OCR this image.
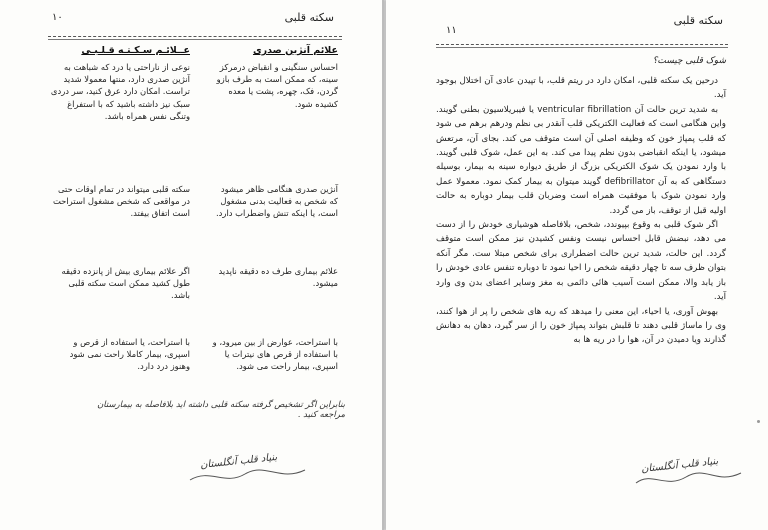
۱۰	سکته قلبی
عــلائـم سـکـتـه قـلـبـی	علائم آنژین صدری
نوعی از ناراحتی یا درد که شباهت به آنژین صدری دارد، منتها معمولا شدید تراست. امکان دارد عرق کنید، سر دردی سبک نیز داشته باشید که با استفراغ وتنگی نفس همراه باشد.
احساس سنگینی و انقباض درمرکز سینه، که ممکن است به طرف بازو گردن، فک، چهره، پشت یا معده کشیده شود.
سکته قلبی میتواند در تمام اوقات حتی در مواقعی که شخص مشغول استراحت است اتفاق بیفتد.
آنژین صدری هنگامی ظاهر میشود که شخص به فعالیت بدنی مشغول است، یا اینکه تنش واضطراب دارد.
اگر علائم بیماری بیش از پانزده دقیقه طول کشید ممکن است سکته قلبی باشد.
علائم بیماری طرف ده دقیقه ناپدید میشود.
با استراحت، یا استفاده از قرص و اسپری، بیمار کاملا راحت نمی شود وهنوز درد دارد.
با استراحت، عوارض از بین میرود، و با استفاده از قرص های نیترات یا اسپری، بیمار راحت می شود.
بنابراین اگر تشخیص گرفته سکته قلبی داشته اید بلافاصله به بیمارستان مراجعه کنید .
بنیاد قلب آنگلستان
۱۱
سکته قلبی
شوک قلبی چیست؟

درحین یک سکته قلبی، امکان دارد در ریتم قلب، با تپیدن عادی آن اختلال بوجود آید.

به شدید ترین حالت آن ventricular fibrillation یا فیبریلاسیون بطنی گویند. واین هنگامی است که فعالیت الکتریکی قلب آنقدر بی نظم ودرهم برهم می شود که قلب پمپاژ خون که وظیفه اصلی آن است متوقف می کند. بجای آن، مرتعش میشود، یا اینکه انقباضی بدون نظم پیدا می کند. به این عمل، شوک قلبی گویند. با وارد نمودن یک شوک الکتریکی بزرگ از طریق دیواره سینه به بیمار، بوسیله دستگاهی که به آن defibrillator گویند میتوان به بیمار کمک نمود. معمولا عمل وارد نمودن شوک با موفقیت همراه است وضربان قلب بیمار دوباره به حالت اولیه قبل از توقف، باز می گردد.

اگر شوک قلبی به وقوع بپیوندد، شخص، بلافاصله هوشیاری خودش را از دست می دهد، نبضش قابل احساس نیست ونفس کشیدن نیز ممکن است متوقف گردد. این حالت، شدید ترین حالت اضطراری برای شخص مبتلا ست. مگر آنکه بتوان ظرف سه تا چهار دقیقه شخص را احیا نمود تا دوباره تنفس عادی خودش را باز یابد والا، ممکن است آسیب هائی دائمی به مغز وسایر اعضای بدن وی وارد آید.

بهوش آوری، یا احیاء، این معنی را میدهد که ریه های شخص را پر از هوا کنند، وی را ماساژ قلبی دهند تا قلبش بتواند پمپاژ خون را از سر گیرد، دهان به دهانش گذارند ویا دمیدن در آن، هوا را در ریه ها به

بنیاد قلب آنگلستان
